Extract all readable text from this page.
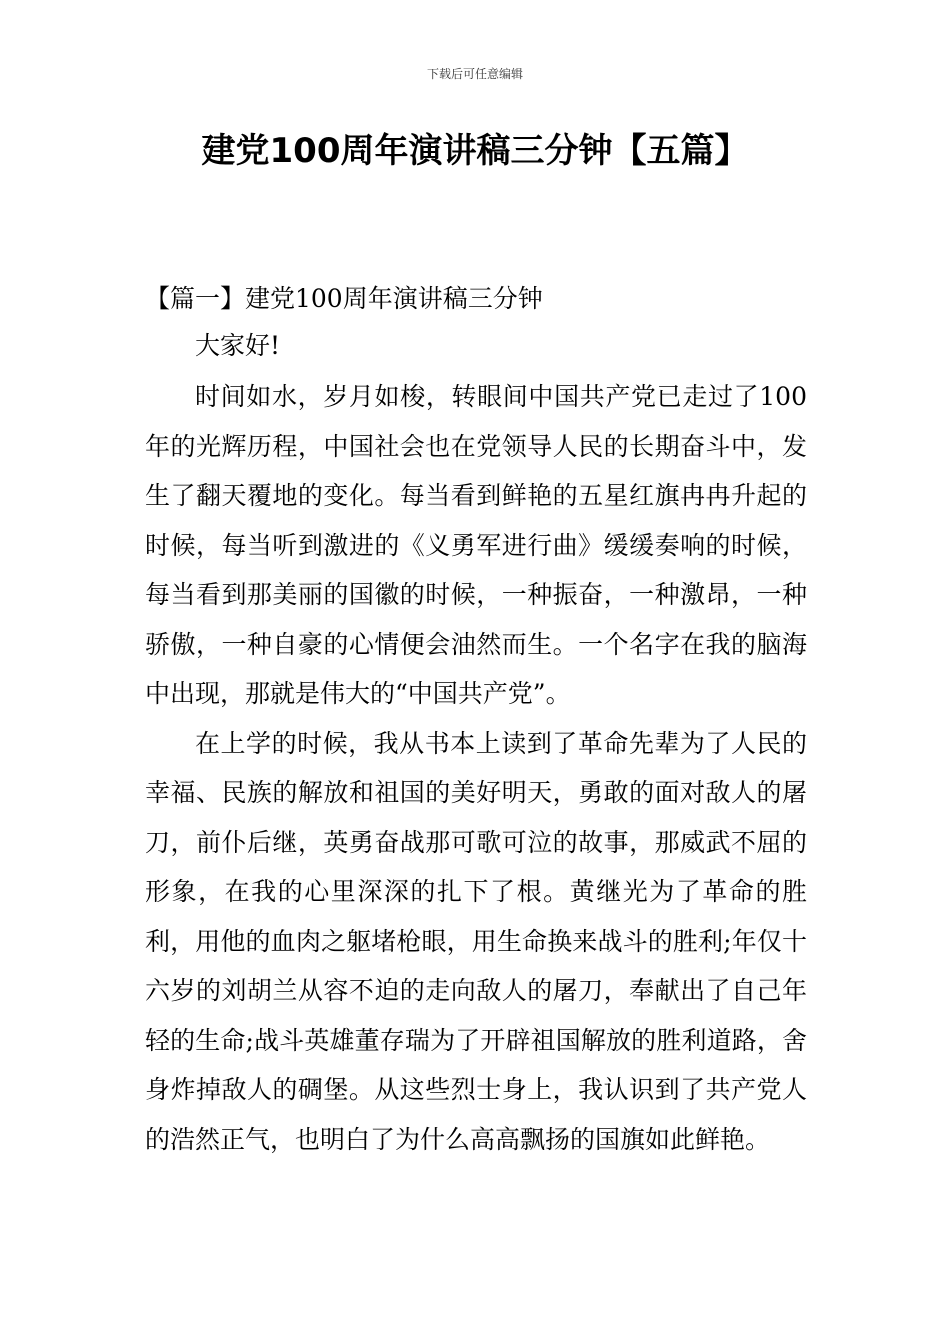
下载后可任意编辑
建党100周年演讲稿三分钟【五篇】
【篇一】建党100周年演讲稿三分钟

大家好!

时间如水，岁月如梭，转眼间中国共产党已走过了100年的光辉历程，中国社会也在党领导人民的长期奋斗中，发生了翻天覆地的变化。每当看到鲜艳的五星红旗冉冉升起的时候，每当听到激进的《义勇军进行曲》缓缓奏响的时候，每当看到那美丽的国徽的时候，一种振奋，一种激昂，一种骄傲，一种自豪的心情便会油然而生。一个名字在我的脑海中出现，那就是伟大的“中国共产党”。

在上学的时候，我从书本上读到了革命先辈为了人民的幸福、民族的解放和祖国的美好明天，勇敢的面对敌人的屠刀，前仆后继，英勇奋战那可歌可泣的故事，那威武不屈的形象，在我的心里深深的扎下了根。黄继光为了革命的胜利，用他的血肉之躯堵枪眼，用生命换来战斗的胜利;年仅十六岁的刘胡兰从容不迫的走向敌人的屠刀，奉献出了自己年轻的生命;战斗英雄董存瑞为了开辟祖国解放的胜利道路，舍身炸掉敌人的碉堡。从这些烈士身上，我认识到了共产党人的浩然正气，也明白了为什么高高飘扬的国旗如此鲜艳。
